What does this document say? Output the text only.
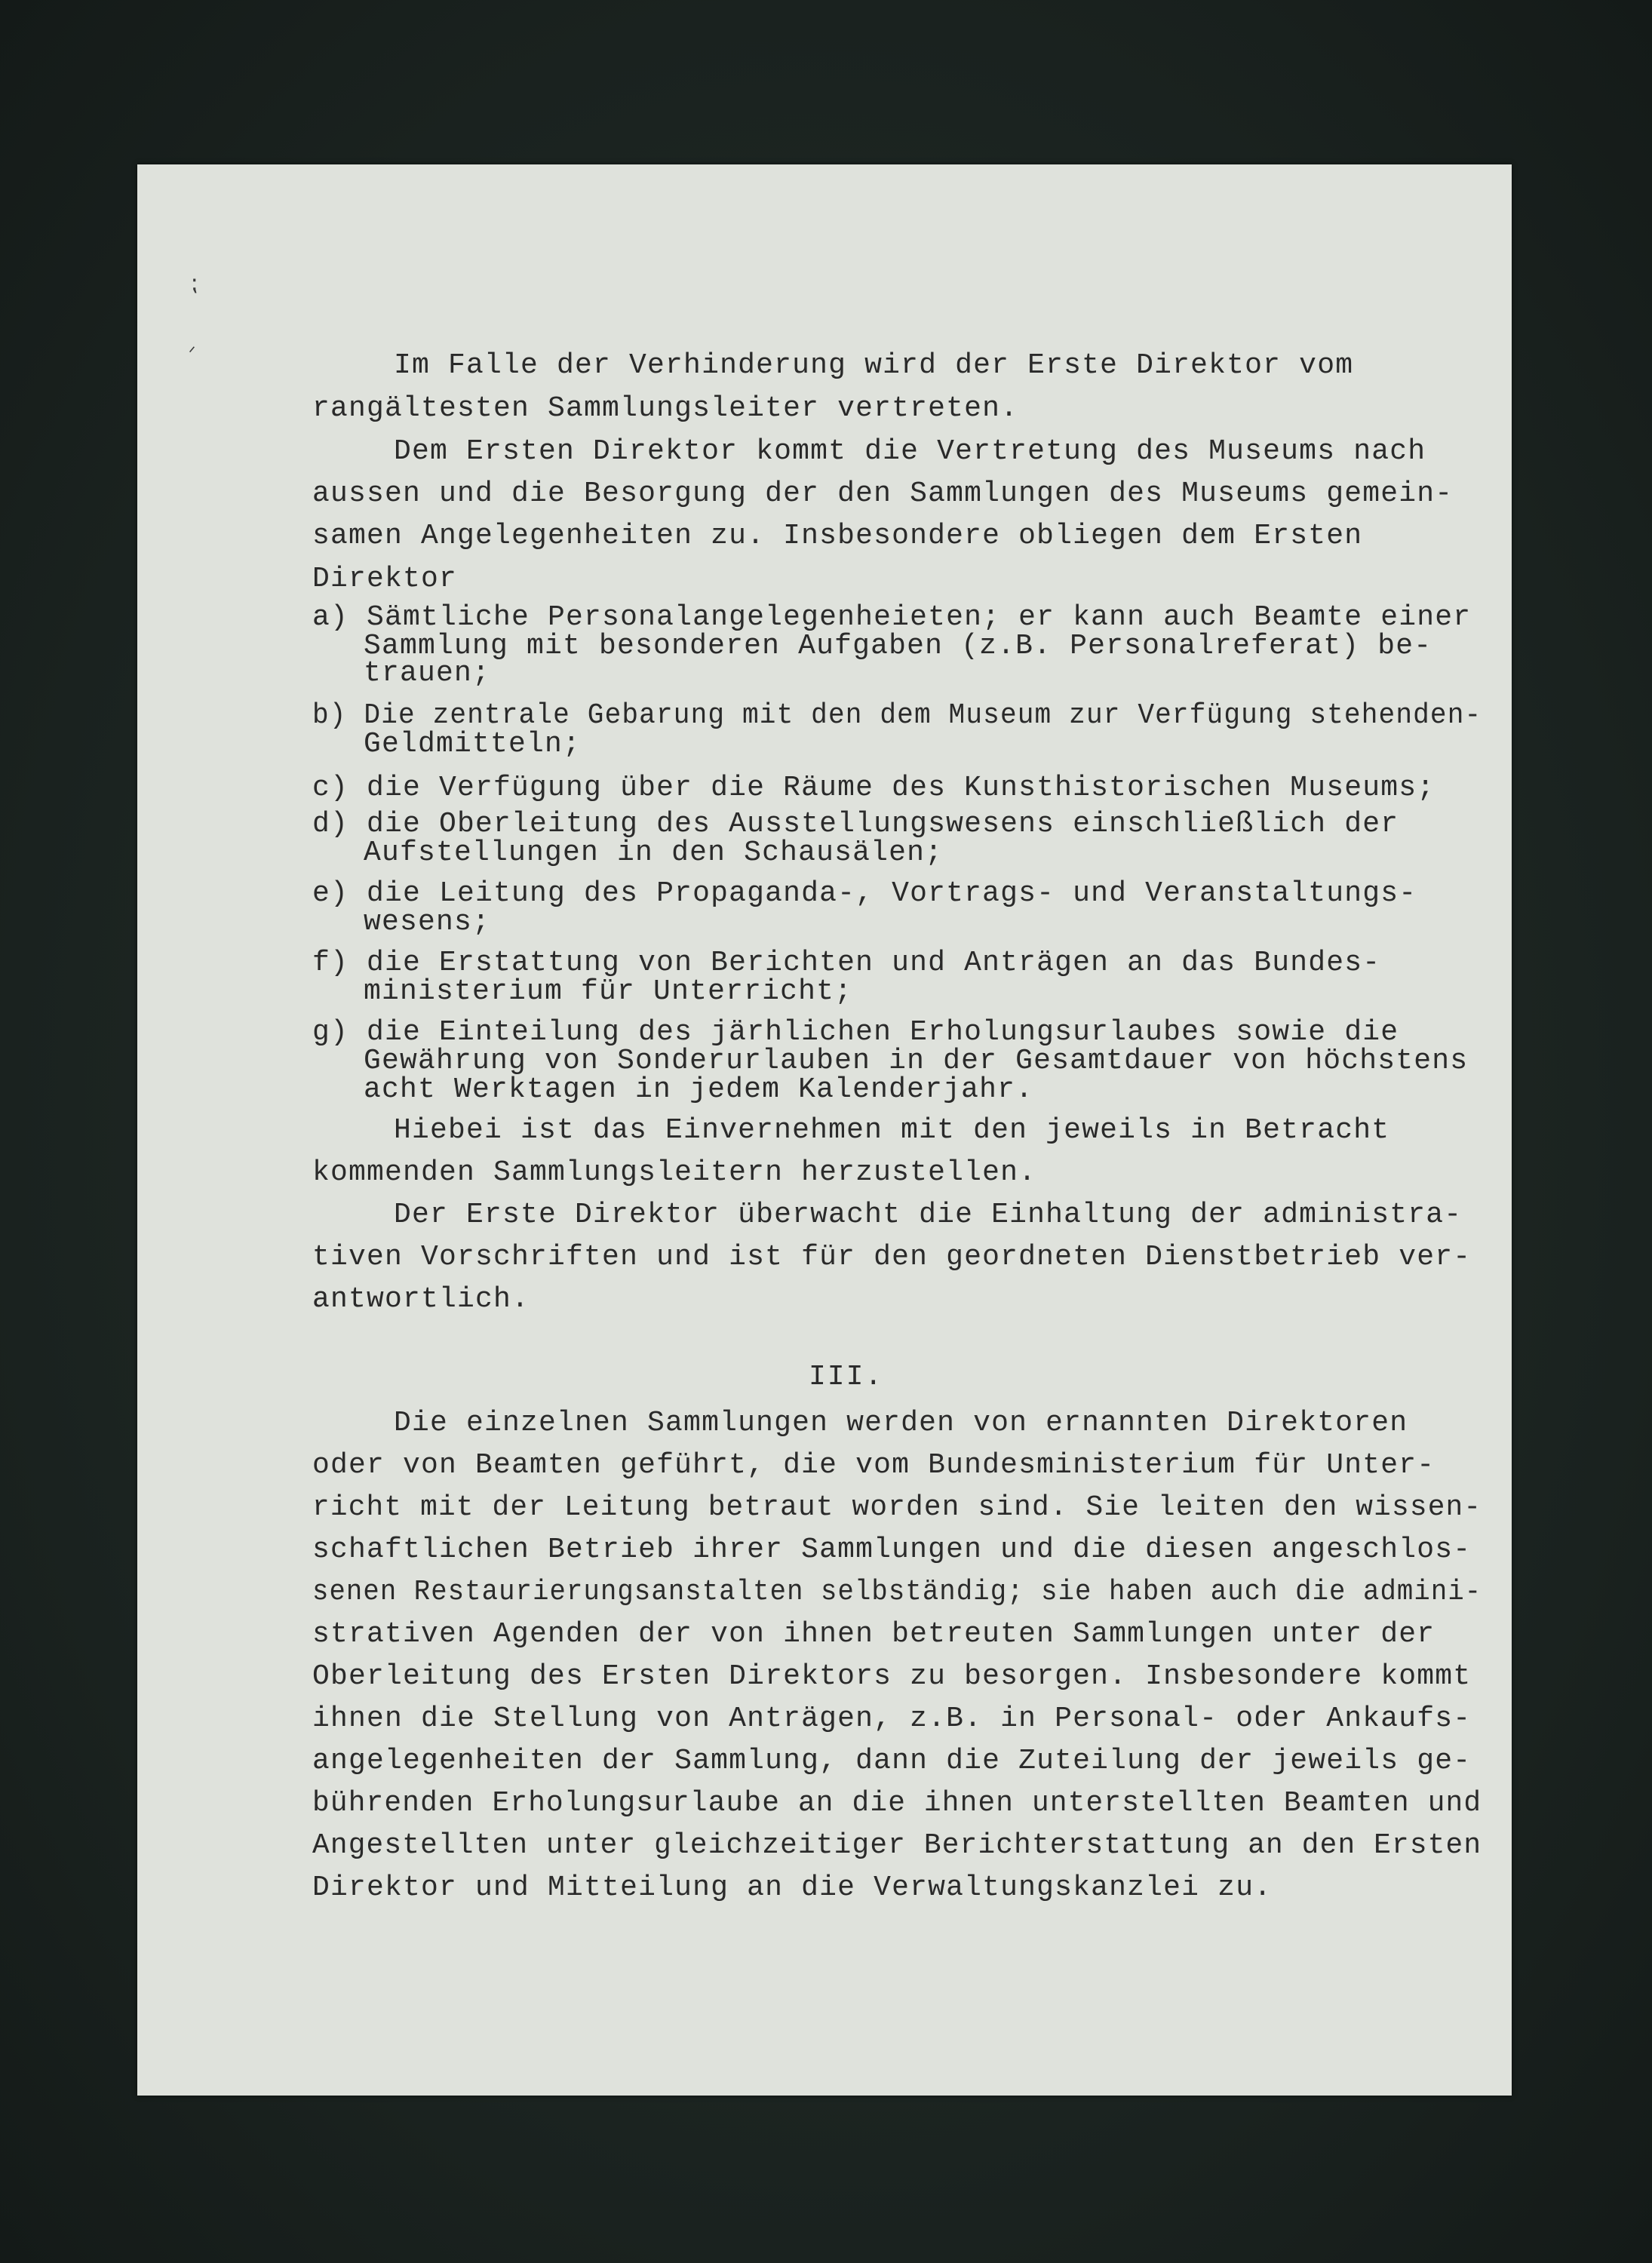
⁏
ᐟ	Im Falle der Verhinderung wird der Erste Direktor vom
rangältesten Sammlungsleiter vertreten.
Dem Ersten Direktor kommt die Vertretung des Museums nach
aussen und die Besorgung der den Sammlungen des Museums gemein-
samen Angelegenheiten zu. Insbesondere obliegen dem Ersten
Direktor
a) Sämtliche Personalangelegenheieten; er kann auch Beamte einer
Sammlung mit besonderen Aufgaben (z.B. Personalreferat) be-
trauen;
b) Die zentrale Gebarung mit den dem Museum zur Verfügung stehenden-
Geldmitteln;
c) die Verfügung über die Räume des Kunsthistorischen Museums;
d) die Oberleitung des Ausstellungswesens einschließlich der
Aufstellungen in den Schausälen;
e) die Leitung des Propaganda-, Vortrags- und Veranstaltungs-
wesens;
f) die Erstattung von Berichten und Anträgen an das Bundes-
ministerium für Unterricht;
g) die Einteilung des järhlichen Erholungsurlaubes sowie die
Gewährung von Sonderurlauben in der Gesamtdauer von höchstens
acht Werktagen in jedem Kalenderjahr.
Hiebei ist das Einvernehmen mit den jeweils in Betracht
kommenden Sammlungsleitern herzustellen.
Der Erste Direktor überwacht die Einhaltung der administra-
tiven Vorschriften und ist für den geordneten Dienstbetrieb ver-
antwortlich.
III.
Die einzelnen Sammlungen werden von ernannten Direktoren
oder von Beamten geführt, die vom Bundesministerium für Unter-
richt mit der Leitung betraut worden sind. Sie leiten den wissen-
schaftlichen Betrieb ihrer Sammlungen und die diesen angeschlos-
senen Restaurierungsanstalten selbständig; sie haben auch die admini-
strativen Agenden der von ihnen betreuten Sammlungen unter der
Oberleitung des Ersten Direktors zu besorgen. Insbesondere kommt
ihnen die Stellung von Anträgen, z.B. in Personal- oder Ankaufs-
angelegenheiten der Sammlung, dann die Zuteilung der jeweils ge-
bührenden Erholungsurlaube an die ihnen unterstellten Beamten und
Angestellten unter gleichzeitiger Berichterstattung an den Ersten
Direktor und Mitteilung an die Verwaltungskanzlei zu.
